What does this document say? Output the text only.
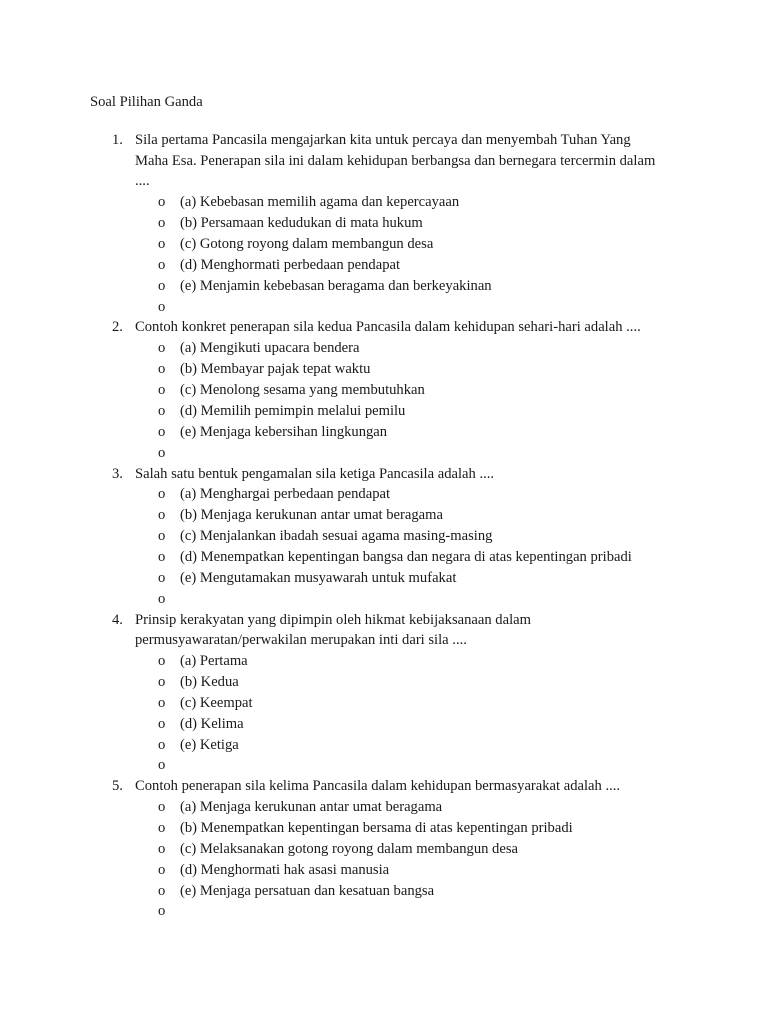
Soal Pilihan Ganda
1. Sila pertama Pancasila mengajarkan kita untuk percaya dan menyembah Tuhan Yang Maha Esa. Penerapan sila ini dalam kehidupan berbangsa dan bernegara tercermin dalam ....
o (a) Kebebasan memilih agama dan kepercayaan
o (b) Persamaan kedudukan di mata hukum
o (c) Gotong royong dalam membangun desa
o (d) Menghormati perbedaan pendapat
o (e) Menjamin kebebasan beragama dan berkeyakinan
o
2. Contoh konkret penerapan sila kedua Pancasila dalam kehidupan sehari-hari adalah ....
o (a) Mengikuti upacara bendera
o (b) Membayar pajak tepat waktu
o (c) Menolong sesama yang membutuhkan
o (d) Memilih pemimpin melalui pemilu
o (e) Menjaga kebersihan lingkungan
o
3. Salah satu bentuk pengamalan sila ketiga Pancasila adalah ....
o (a) Menghargai perbedaan pendapat
o (b) Menjaga kerukunan antar umat beragama
o (c) Menjalankan ibadah sesuai agama masing-masing
o (d) Menempatkan kepentingan bangsa dan negara di atas kepentingan pribadi
o (e) Mengutamakan musyawarah untuk mufakat
o
4. Prinsip kerakyatan yang dipimpin oleh hikmat kebijaksanaan dalam permusyawaratan/perwakilan merupakan inti dari sila ....
o (a) Pertama
o (b) Kedua
o (c) Keempat
o (d) Kelima
o (e) Ketiga
o
5. Contoh penerapan sila kelima Pancasila dalam kehidupan bermasyarakat adalah ....
o (a) Menjaga kerukunan antar umat beragama
o (b) Menempatkan kepentingan bersama di atas kepentingan pribadi
o (c) Melaksanakan gotong royong dalam membangun desa
o (d) Menghormati hak asasi manusia
o (e) Menjaga persatuan dan kesatuan bangsa
o
